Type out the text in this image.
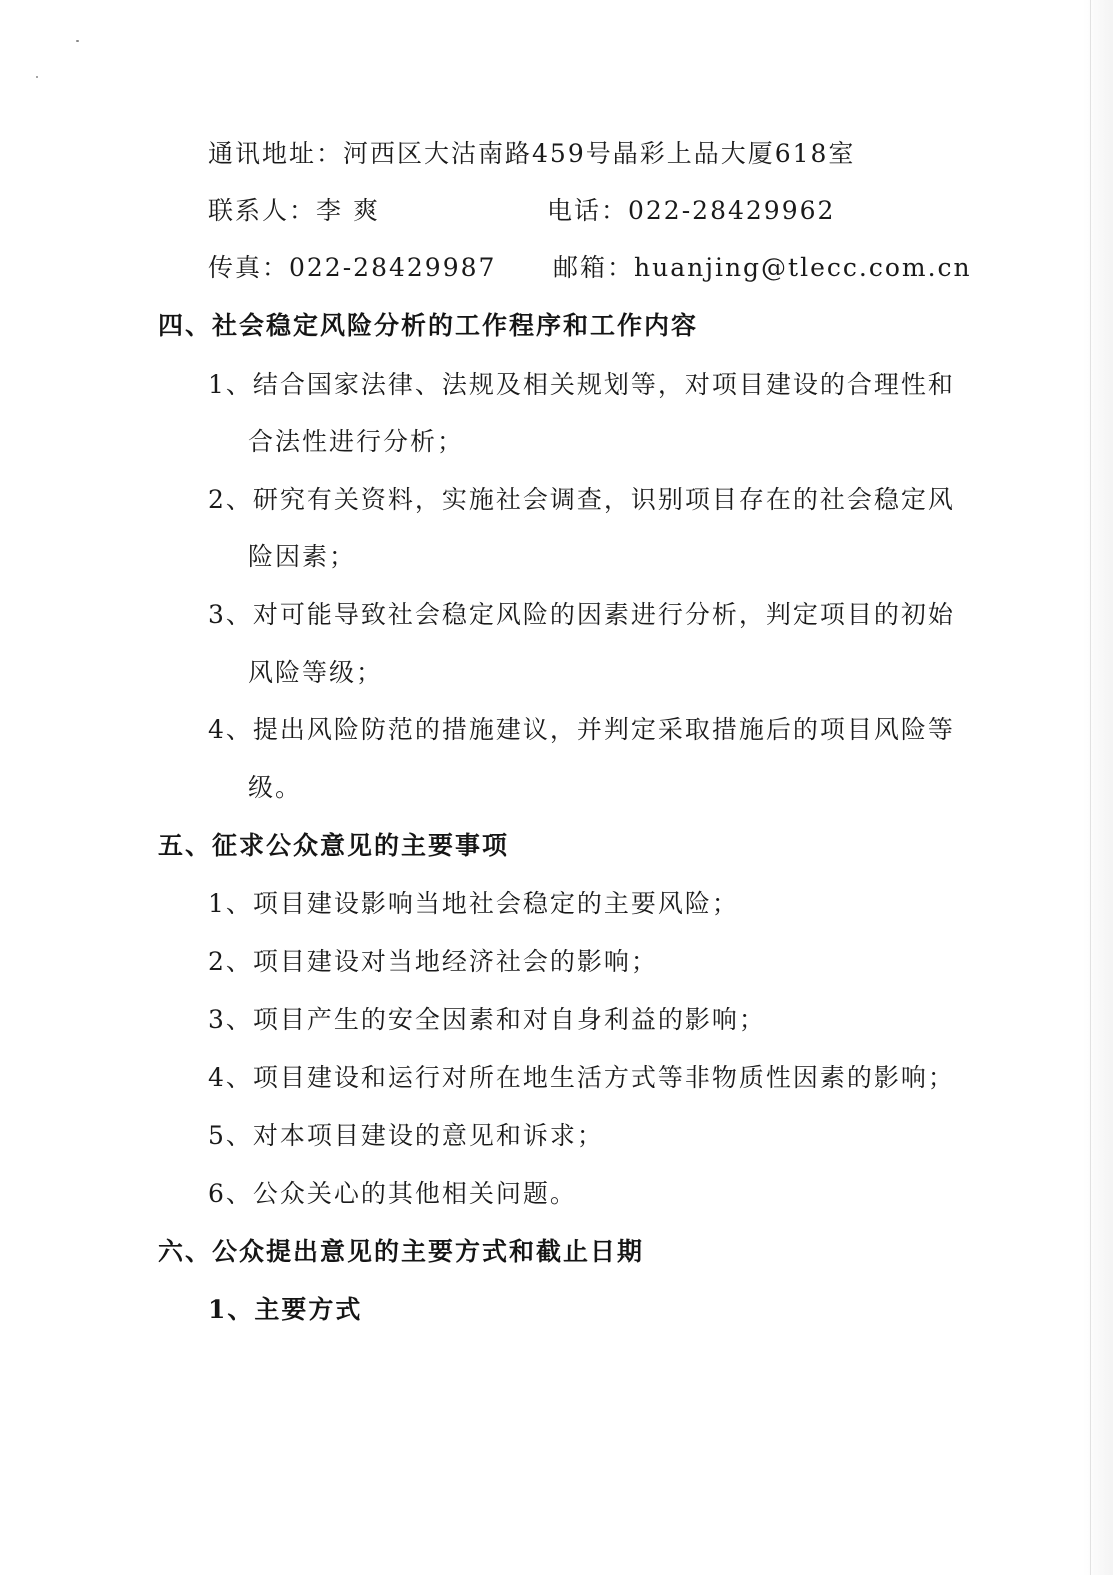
通讯地址：河西区大沽南路459号晶彩上品大厦618室
联系人：李 爽	电话：022-28429962
传真：022-28429987 邮箱：huanjing@tlecc.com.cn
四、社会稳定风险分析的工作程序和工作内容
1、结合国家法律、法规及相关规划等，对项目建设的合理性和
合法性进行分析；
2、研究有关资料，实施社会调查，识别项目存在的社会稳定风
险因素；
3、对可能导致社会稳定风险的因素进行分析，判定项目的初始
风险等级；
4、提出风险防范的措施建议，并判定采取措施后的项目风险等
级。
五、征求公众意见的主要事项
1、项目建设影响当地社会稳定的主要风险；
2、项目建设对当地经济社会的影响；
3、项目产生的安全因素和对自身利益的影响；
4、项目建设和运行对所在地生活方式等非物质性因素的影响；
5、对本项目建设的意见和诉求；
6、公众关心的其他相关问题。
六、公众提出意见的主要方式和截止日期
1、主要方式
